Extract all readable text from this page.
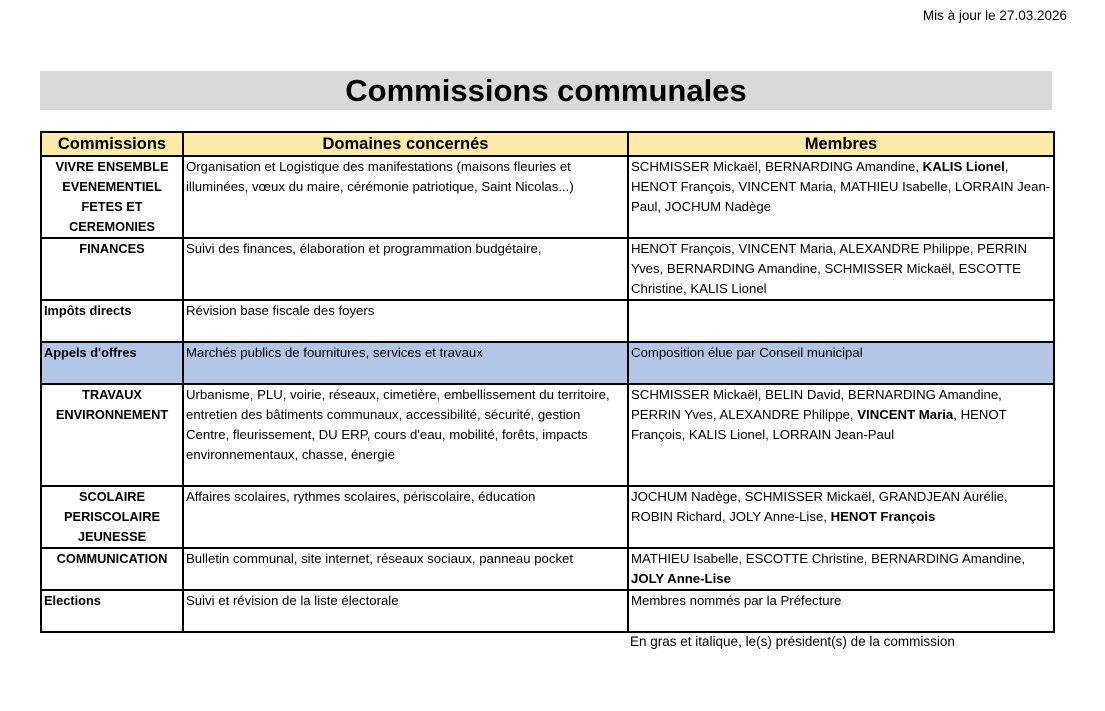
Mis à jour le 27.03.2026
Commissions communales
Commissions	Domaines concernés	Membres

VIVRE ENSEMBLE
EVENEMENTIEL
FETES ET
CEREMONIES	Organisation et Logistique des manifestations (maisons fleuries et illuminées, vœux du maire, cérémonie patriotique, Saint Nicolas...)	SCHMISSER Mickaël, BERNARDING Amandine, KALIS Lionel, HENOT François, VINCENT Maria, MATHIEU Isabelle, LORRAIN Jean-Paul, JOCHUM Nadège

FINANCES	Suivi des finances, élaboration et programmation budgétaire,	HENOT François, VINCENT Maria, ALEXANDRE Philippe, PERRIN Yves, BERNARDING Amandine, SCHMISSER Mickaël, ESCOTTE Christine, KALIS Lionel

Impôts directs	Révision base fiscale des foyers	

Appels d'offres	Marchés publics de fournitures, services et travaux	Composition élue par Conseil municipal

TRAVAUX
ENVIRONNEMENT	Urbanisme, PLU, voirie, réseaux, cimetière, embellissement du territoire, entretien des bâtiments communaux, accessibilité, sécurité, gestion Centre, fleurissement, DU ERP, cours d'eau, mobilité, forêts, impacts environnementaux, chasse, énergie	SCHMISSER Mickaël, BELIN David, BERNARDING Amandine, PERRIN Yves, ALEXANDRE Philippe, VINCENT Maria, HENOT François, KALIS Lionel, LORRAIN Jean-Paul

SCOLAIRE
PERISCOLAIRE
JEUNESSE	Affaires scolaires, rythmes scolaires, périscolaire, éducation	JOCHUM Nadège, SCHMISSER Mickaël, GRANDJEAN Aurélie, ROBIN Richard, JOLY Anne-Lise, HENOT François

COMMUNICATION	Bulletin communal, site internet, réseaux sociaux, panneau pocket	MATHIEU Isabelle, ESCOTTE Christine, BERNARDING Amandine, JOLY Anne-Lise

Elections	Suivi et révision de la liste électorale	Membres nommés par la Préfecture
En gras et italique, le(s) président(s) de la commission
